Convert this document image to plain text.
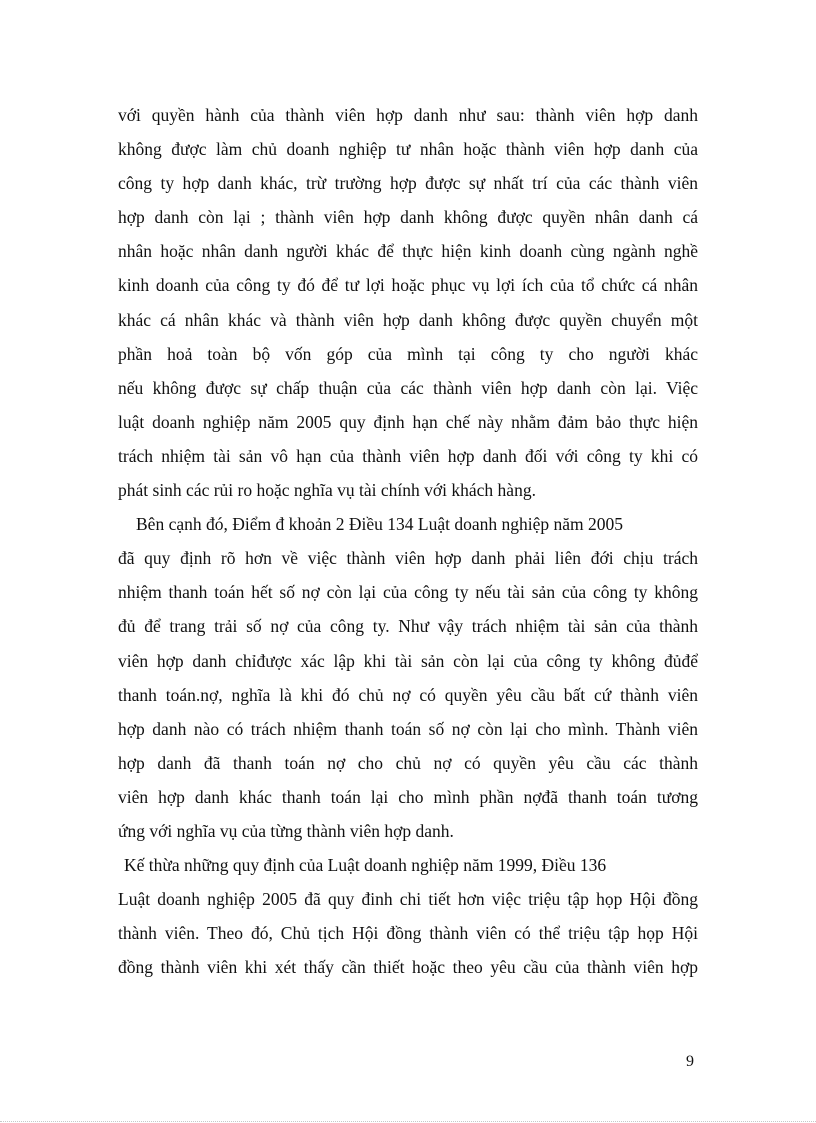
với quyền hành của thành viên hợp danh như sau: thành viên hợp danh
không được làm chủ doanh nghiệp tư nhân hoặc thành viên hợp danh của
công ty hợp danh khác, trừ trường hợp được sự nhất trí của các thành viên
hợp danh còn lại ; thành viên hợp danh không được quyền nhân danh cá
nhân hoặc nhân danh người khác để thực hiện kinh doanh cùng ngành nghề
kinh doanh của công ty đó để tư lợi hoặc phục vụ lợi ích của tổ chức cá nhân
khác cá nhân khác và thành viên hợp danh không được quyền chuyển một
phần hoả toàn bộ vốn góp của mình tại công ty cho người khác
nếu không được sự chấp thuận của các thành viên hợp danh còn lại. Việc
luật doanh nghiệp năm 2005 quy định hạn chế này nhằm đảm bảo thực hiện
trách nhiệm tài sản vô hạn của thành viên hợp danh đối với công ty khi có
phát sinh các rủi ro hoặc nghĩa vụ tài chính với khách hàng.
Bên cạnh đó, Điểm đ khoản 2 Điều 134 Luật doanh nghiệp năm 2005
đã quy định rõ hơn về việc thành viên hợp danh phải liên đới chịu trách
nhiệm thanh toán hết số nợ còn lại của công ty nếu tài sản của công ty không
đủ để trang trải số nợ của công ty. Như vậy trách nhiệm tài sản của thành
viên hợp danh chỉđược xác lập khi tài sản còn lại của công ty không đủđể
thanh toán.nợ, nghĩa là khi đó chủ nợ có quyền yêu cầu bất cứ thành viên
hợp danh nào có trách nhiệm thanh toán số nợ còn lại cho mình. Thành viên
hợp danh đã thanh toán nợ cho chủ nợ có quyền yêu cầu các thành
viên hợp danh khác thanh toán lại cho mình phần nợđã thanh toán tương
ứng với nghĩa vụ của từng thành viên hợp danh.
Kế thừa những quy định của Luật doanh nghiệp năm 1999, Điều 136
Luật doanh nghiệp 2005 đã quy đinh chi tiết hơn việc triệu tập họp Hội đồng
thành viên. Theo đó, Chủ tịch Hội đồng thành viên có thể triệu tập họp Hội
đồng thành viên khi xét thấy cần thiết hoặc theo yêu cầu của thành viên hợp
9
